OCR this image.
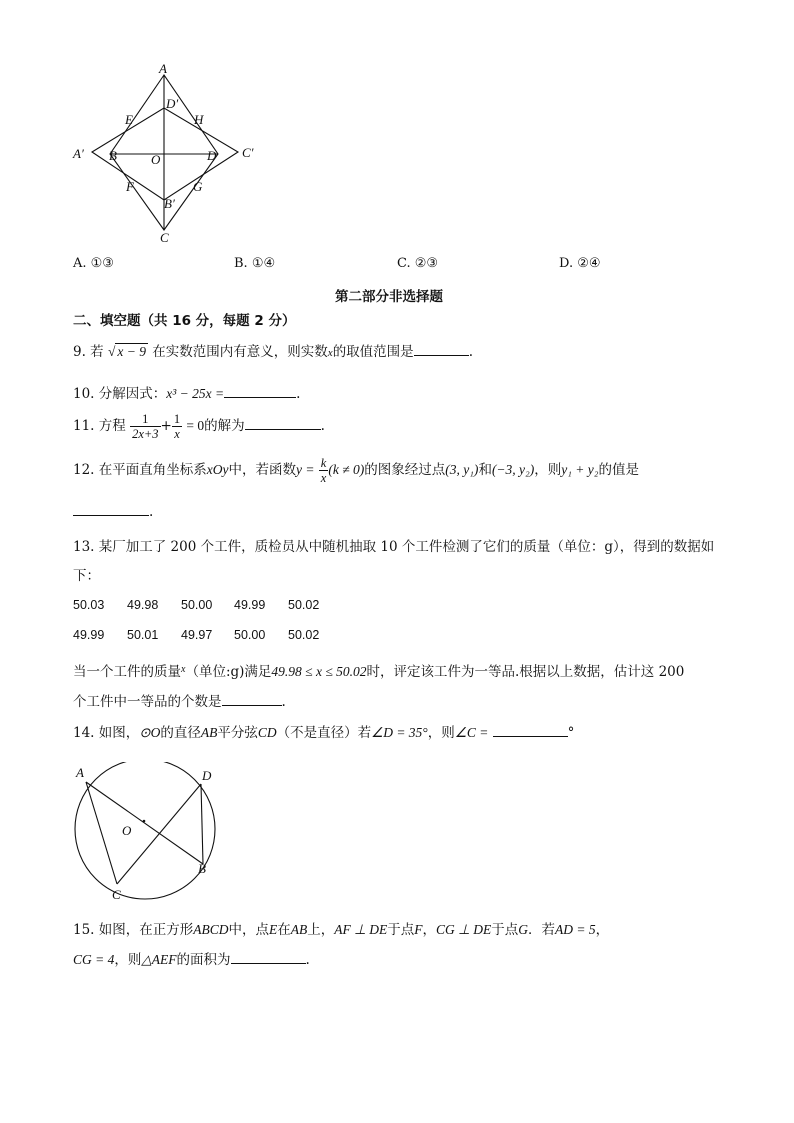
A
D′
E	H
A′ B	O	D C′
F	G
B′
C
A. ①③	B. ①④	C. ②③	D. ②④
第二部分非选择题
二、填空题（共 16 分，每题 2 分）
9. 若 √ x − 9 在实数范围内有意义，则实数x的取值范围是	.
10. 分解因式：x³ − 25x =	.
11. 方程 $\frac{1}{2x+3} + \frac{1}{x} = 0$的解为	.
12. 在平面直角坐标系xOy中，若函数$y = \frac{k}{x} (k \ne 0)$的图象经过点(3, y₁)和(−3, y₂)，则y₁ + y₂的值是
.
13. 某厂加工了 200 个工件，质检员从中随机抽取 10 个工件检测了它们的质量（单位：g），得到的数据如
下：
50.03 49.98 50.00 49.99 50.02
49.99 50.01 49.97 50.00 50.02
当一个工件的质量$^x$（单位:g)满足49.98 ≤ x ≤ 50.02时，评定该工件为一等品.根据以上数据，估计这 200
个工件中一等品的个数是	.
14. 如图，⊙O的直径AB平分弦CD（不是直径）若∠D = 35°，则∠C =	°
A	D
O
B
C
15. 如图，在正方形ABCD中，点E在AB上，AF ⊥ DE于点F，CG ⊥ DE于点G．若AD = 5，
CG = 4，则△AEF的面积为	.
